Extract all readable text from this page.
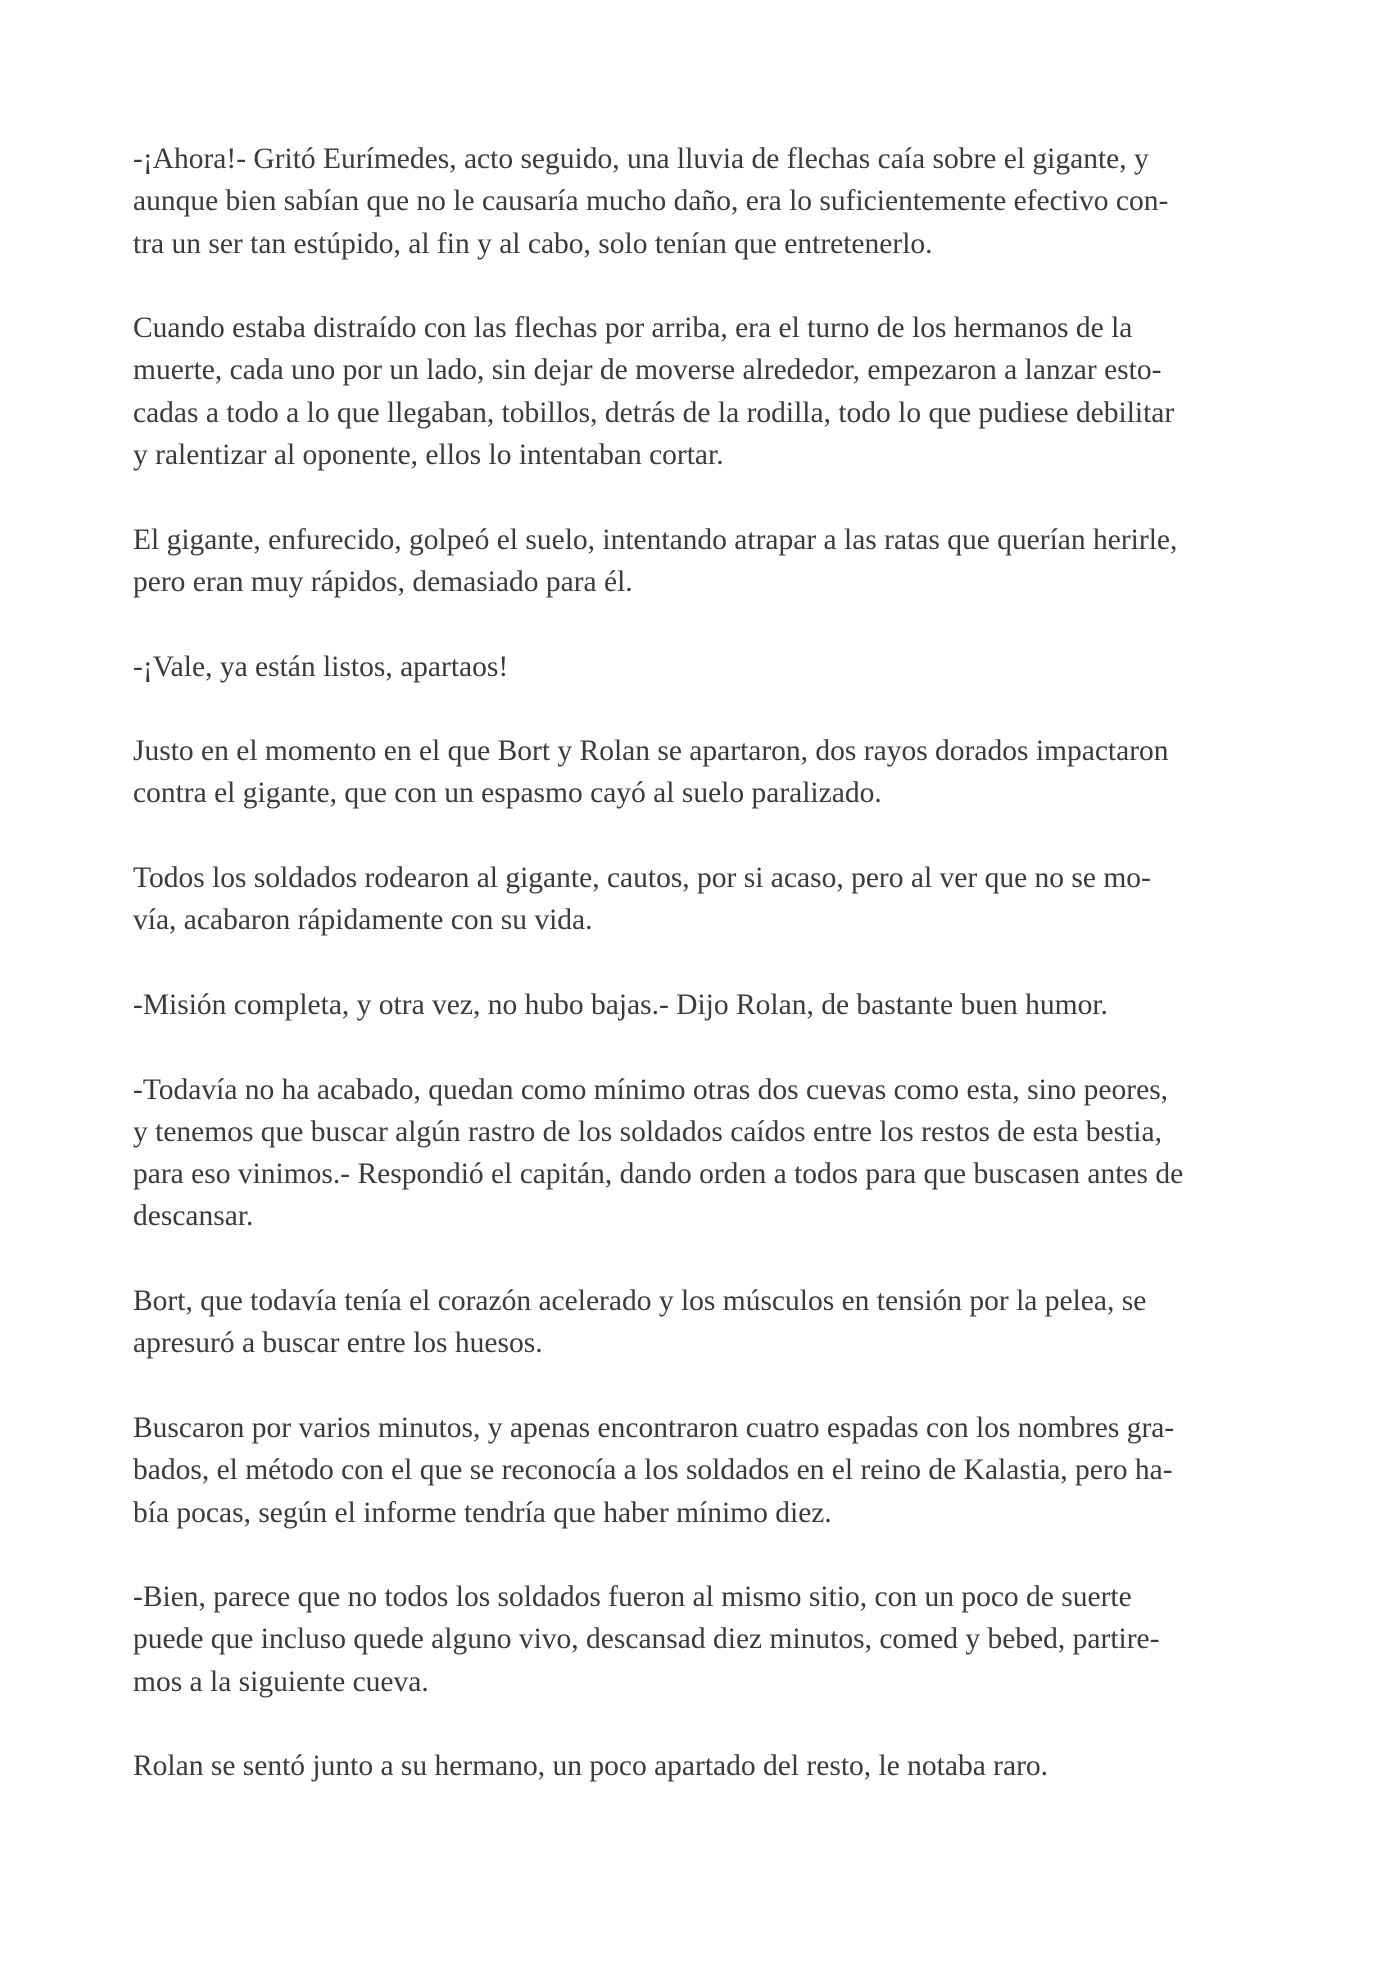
-¡Ahora!- Gritó Eurímedes, acto seguido, una lluvia de flechas caía sobre el gigante, y
aunque bien sabían que no le causaría mucho daño, era lo suficientemente efectivo con-
tra un ser tan estúpido, al fin y al cabo, solo tenían que entretenerlo.

Cuando estaba distraído con las flechas por arriba, era el turno de los hermanos de la
muerte, cada uno por un lado, sin dejar de moverse alrededor, empezaron a lanzar esto-
cadas a todo a lo que llegaban, tobillos, detrás de la rodilla, todo lo que pudiese debilitar
y ralentizar al oponente, ellos lo intentaban cortar.

El gigante, enfurecido, golpeó el suelo, intentando atrapar a las ratas que querían herirle,
pero eran muy rápidos, demasiado para él.

-¡Vale, ya están listos, apartaos!

Justo en el momento en el que Bort y Rolan se apartaron, dos rayos dorados impactaron
contra el gigante, que con un espasmo cayó al suelo paralizado.

Todos los soldados rodearon al gigante, cautos, por si acaso, pero al ver que no se mo-
vía, acabaron rápidamente con su vida.

-Misión completa, y otra vez, no hubo bajas.- Dijo Rolan, de bastante buen humor.

-Todavía no ha acabado, quedan como mínimo otras dos cuevas como esta, sino peores,
y tenemos que buscar algún rastro de los soldados caídos entre los restos de esta bestia,
para eso vinimos.- Respondió el capitán, dando orden a todos para que buscasen antes de
descansar.

Bort, que todavía tenía el corazón acelerado y los músculos en tensión por la pelea, se
apresuró a buscar entre los huesos.

Buscaron por varios minutos, y apenas encontraron cuatro espadas con los nombres gra-
bados, el método con el que se reconocía a los soldados en el reino de Kalastia, pero ha-
bía pocas, según el informe tendría que haber mínimo diez.

-Bien, parece que no todos los soldados fueron al mismo sitio, con un poco de suerte
puede que incluso quede alguno vivo, descansad diez minutos, comed y bebed, partire-
mos a la siguiente cueva.

Rolan se sentó junto a su hermano, un poco apartado del resto, le notaba raro.
